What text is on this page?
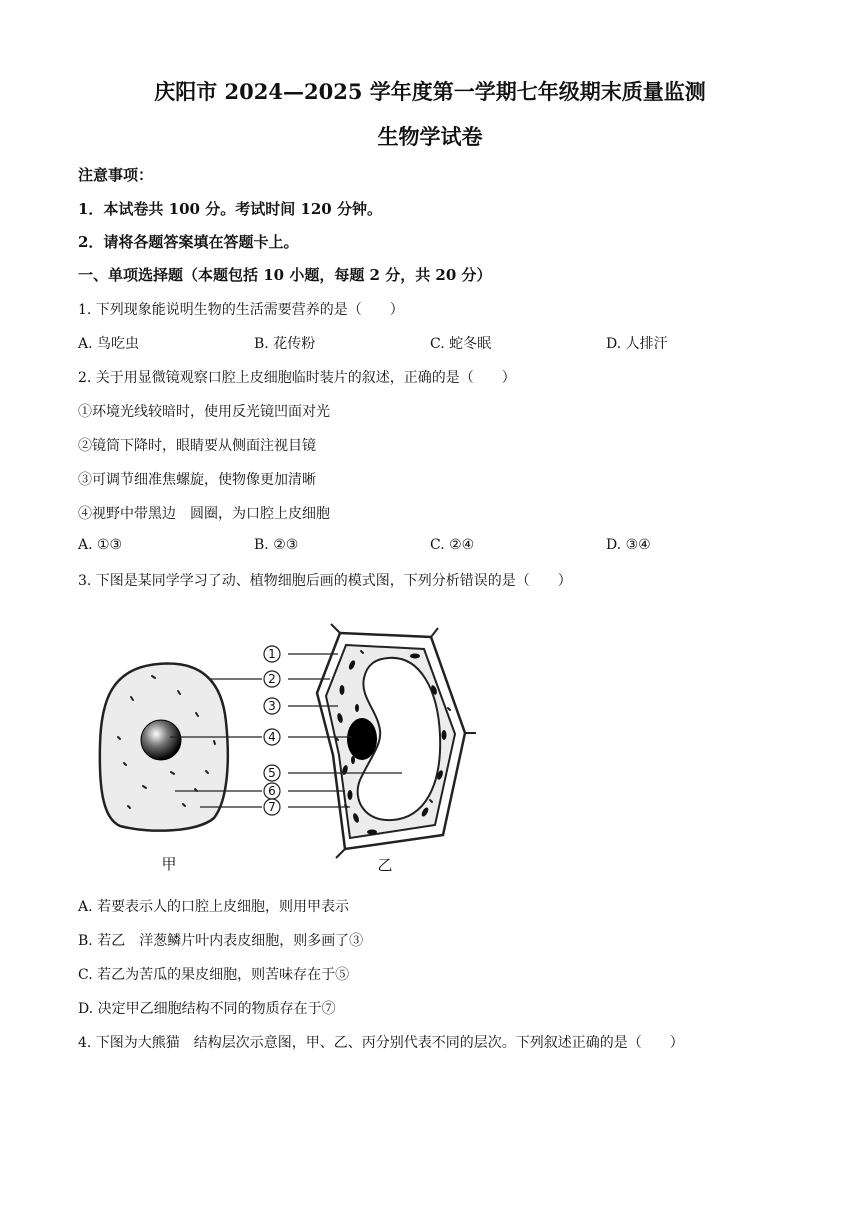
庆阳市 2024—2025 学年度第一学期七年级期末质量监测
生物学试卷
注意事项：
1．本试卷共 100 分。考试时间 120 分钟。
2．请将各题答案填在答题卡上。
一、单项选择题（本题包括 10 小题，每题 2 分，共 20 分）
1. 下列现象能说明生物的生活需要营养的是（　　）
A. 鸟吃虫	B. 花传粉	C. 蛇冬眠	D. 人排汗
2. 关于用显微镜观察口腔上皮细胞临时装片的叙述，正确的是（　　）
①环境光线较暗时，使用反光镜凹面对光
②镜筒下降时，眼睛要从侧面注视目镜
③可调节细准焦螺旋，使物像更加清晰
④视野中带黑边　圆圈，为口腔上皮细胞
A. ①③	B. ②③	C. ②④	D. ③④
3. 下图是某同学学习了动、植物细胞后画的模式图，下列分析错误的是（　　）
1
2
3
4
5
6
7
甲	乙
A. 若要表示人的口腔上皮细胞，则用甲表示
B. 若乙　洋葱鳞片叶内表皮细胞，则多画了③
C. 若乙为苦瓜的果皮细胞，则苦味存在于⑤
D. 决定甲乙细胞结构不同的物质存在于⑦
4. 下图为大熊猫　结构层次示意图，甲、乙、丙分别代表不同的层次。下列叙述正确的是（　　）
